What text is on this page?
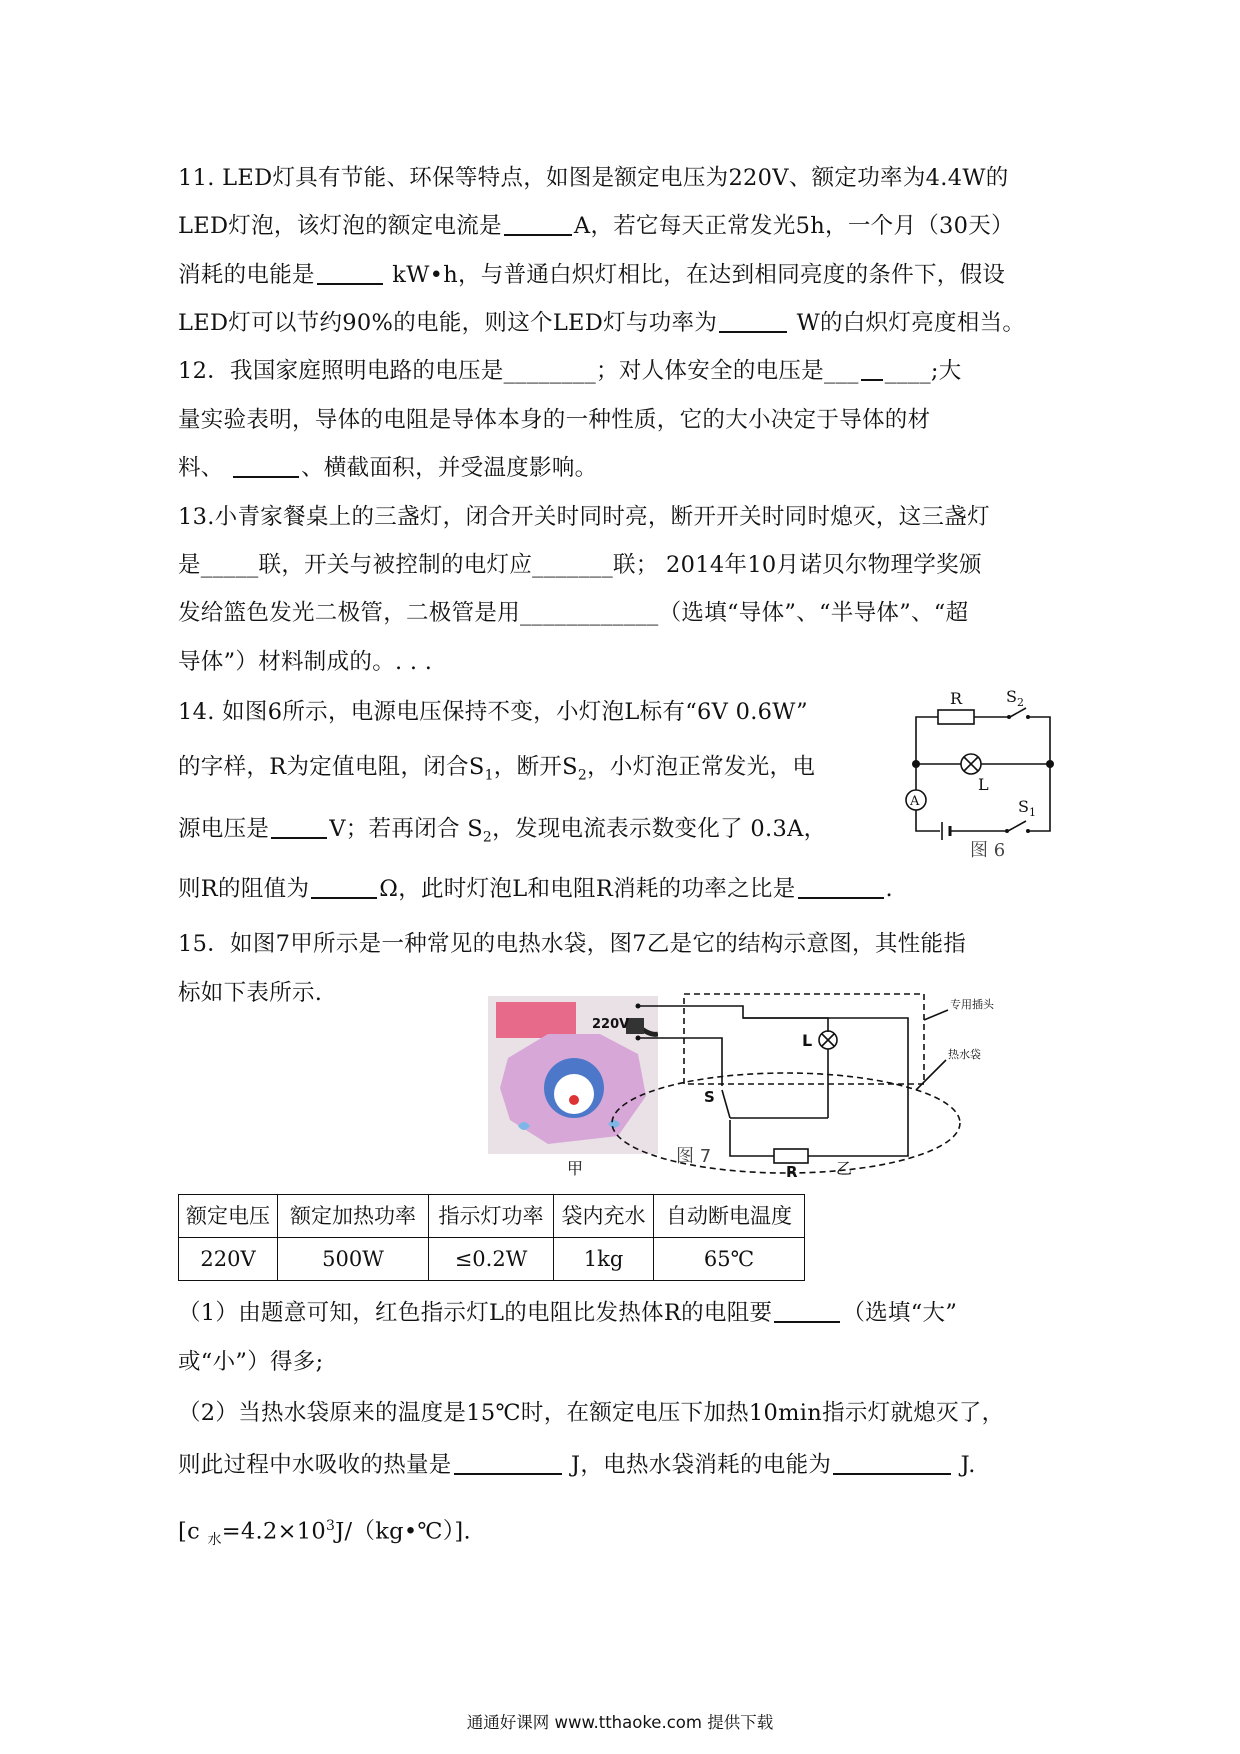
11. LED灯具有节能、环保等特点，如图是额定电压为220V、额定功率为4.4W的
LED灯泡，该灯泡的额定电流是	A，若它每天正常发光5h，一个月（30天）
消耗的电能是	kW•h，与普通白炽灯相比，在达到相同亮度的条件下，假设
LED灯可以节约90%的电能，则这个LED灯与功率为	W的白炽灯亮度相当。
12．我国家庭照明电路的电压是________；对人体安全的电压是___ ____;大
量实验表明，导体的电阻是导体本身的一种性质，它的大小决定于导体的材
料、	、横截面积，并受温度影响。
13.小青家餐桌上的三盏灯，闭合开关时同时亮，断开开关时同时熄灭，这三盏灯
是_____联，开关与被控制的电灯应_______联； 2014年10月诺贝尔物理学奖颁
发给篮色发光二极管，二极管是用____________（选填“导体”、“半导体”、“超
导体”）材料制成的。. . .
14. 如图6所示，电源电压保持不变，小灯泡L标有“6V 0.6W”
的字样，R为定值电阻，闭合$S_1$，断开$S_2$，小灯泡正常发光，电
源电压是	V；若再闭合 $S_2$，发现电流表示数变化了 0.3A，
则R的阻值为	Ω，此时灯泡L和电阻R消耗的功率之比是	.
R	$S_2$
A
L
$S_1$
图 6
15．如图7甲所示是一种常见的电热水袋，图7乙是它的结构示意图，其性能指
标如下表所示.
甲
220V
L
专用插头
热水袋
S
R
图 7
乙
额定电压	额定加热功率	指示灯功率	袋内充水	自动断电温度
220V	500W	≤0.2W	1kg	65℃
（1）由题意可知，红色指示灯L的电阻比发热体R的电阻要	（选填“大”
或“小”）得多;
（2）当热水袋原来的温度是15℃时，在额定电压下加热10min指示灯就熄灭了，
则此过程中水吸收的热量是	J，电热水袋消耗的电能为	J.
[c $_水=4.2\times 10^3J/(kg•℃)$].
通通好课网 www.tthaoke.com 提供下载
